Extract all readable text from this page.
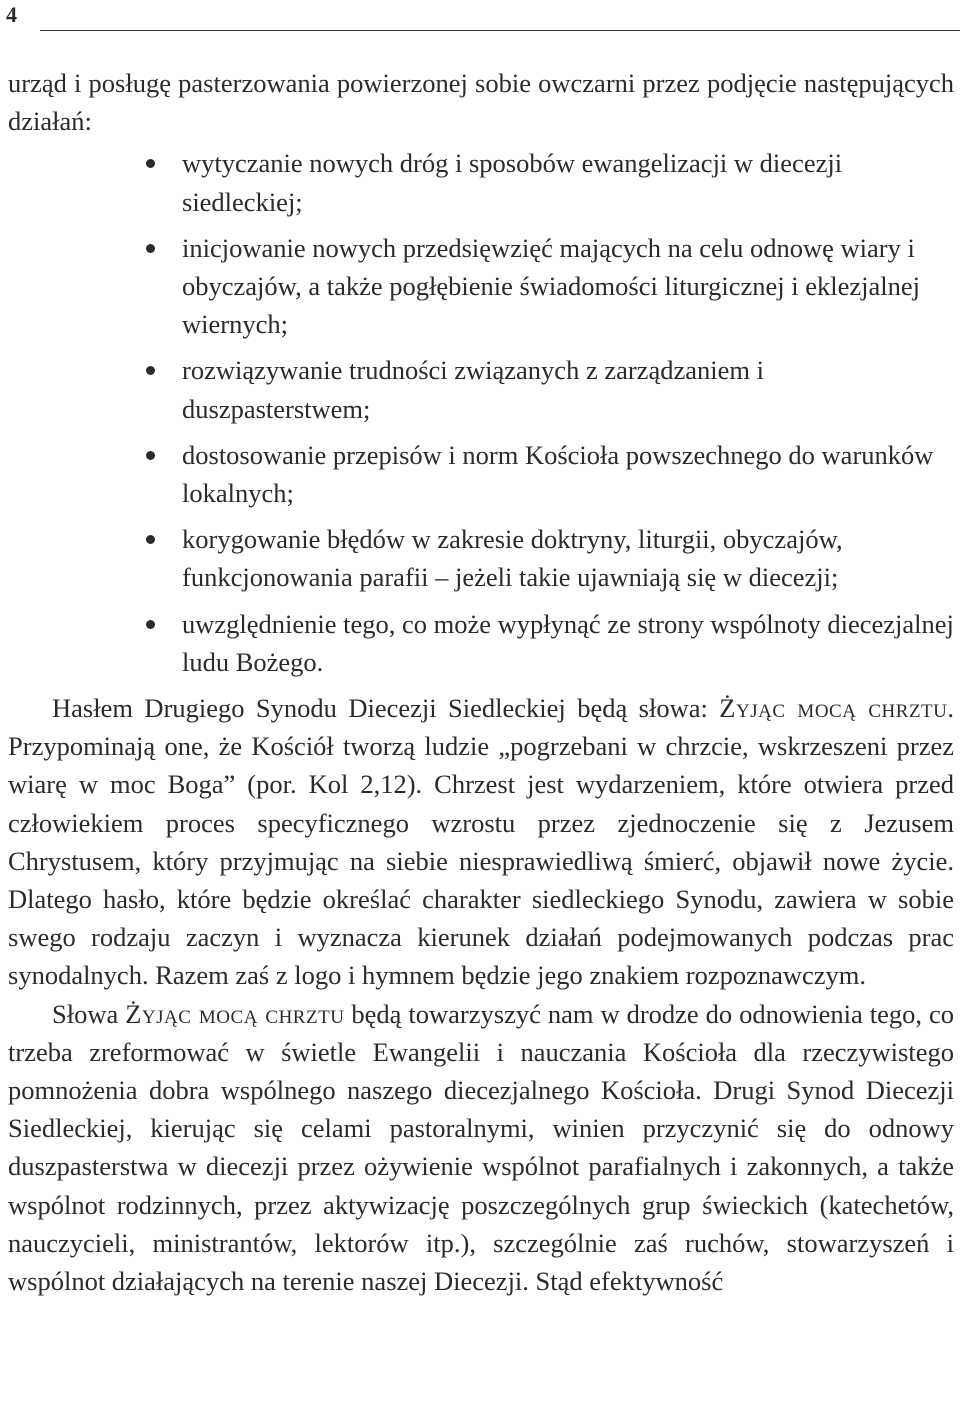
4

urząd i posługę pasterzowania powierzonej sobie owczarni przez podjęcie następujących działań:

wytyczanie nowych dróg i sposobów ewangelizacji w diecezji siedleckiej;
inicjowanie nowych przedsięwzięć mających na celu odnowę wiary i obyczajów, a także pogłębienie świadomości liturgicznej i eklezjalnej wiernych;
rozwiązywanie trudności związanych z zarządzaniem i duszpasterstwem;
dostosowanie przepisów i norm Kościoła powszechnego do warunków lokalnych;
korygowanie błędów w zakresie doktryny, liturgii, obyczajów, funkcjonowania parafii – jeżeli takie ujawniają się w diecezji;
uwzględnienie tego, co może wypłynąć ze strony wspólnoty diecezjalnej ludu Bożego.

Hasłem Drugiego Synodu Diecezji Siedleckiej będą słowa: Żyjąc mocą chrztu. Przypominają one, że Kościół tworzą ludzie „pogrzebani w chrzcie, wskrzeszeni przez wiarę w moc Boga” (por. Kol 2,12). Chrzest jest wydarzeniem, które otwiera przed człowiekiem proces specyficznego wzrostu przez zjednoczenie się z Jezusem Chrystusem, który przyjmując na siebie niesprawiedliwą śmierć, objawił nowe życie. Dlatego hasło, które będzie określać charakter siedleckiego Synodu, zawiera w sobie swego rodzaju zaczyn i wyznacza kierunek działań podejmowanych podczas prac synodalnych. Razem zaś z logo i hymnem będzie jego znakiem rozpoznawczym.

Słowa Żyjąc mocą chrztu będą towarzyszyć nam w drodze do odnowienia tego, co trzeba zreformować w świetle Ewangelii i nauczania Kościoła dla rzeczywistego pomnożenia dobra wspólnego naszego diecezjalnego Kościoła. Drugi Synod Diecezji Siedleckiej, kierując się celami pastoralnymi, winien przyczynić się do odnowy duszpasterstwa w diecezji przez ożywienie wspólnot parafialnych i zakonnych, a także wspólnot rodzinnych, przez aktywizację poszczególnych grup świeckich (katechetów, nauczycieli, ministrantów, lektorów itp.), szczególnie zaś ruchów, stowarzyszeń i wspólnot działających na terenie naszej Diecezji. Stąd efektywność
